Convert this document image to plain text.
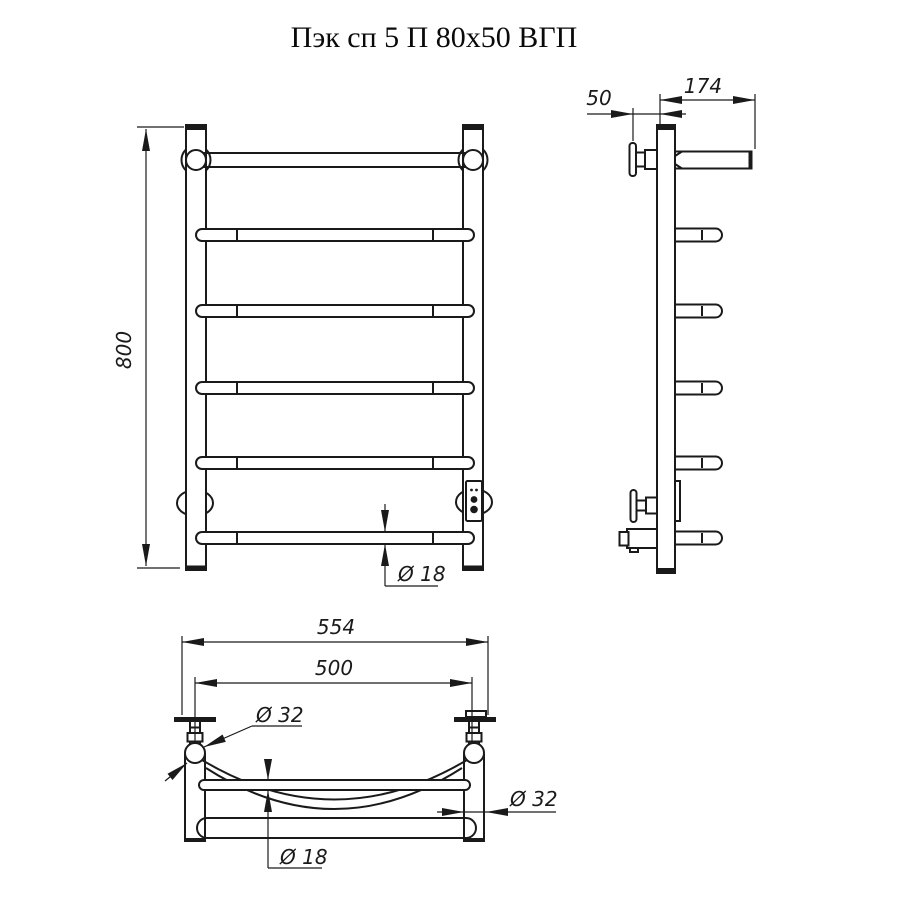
Пэк сп 5 П 80x50 ВГП
800
Ø 18
50	174
554
500
Ø 32
Ø 32
Ø 18
